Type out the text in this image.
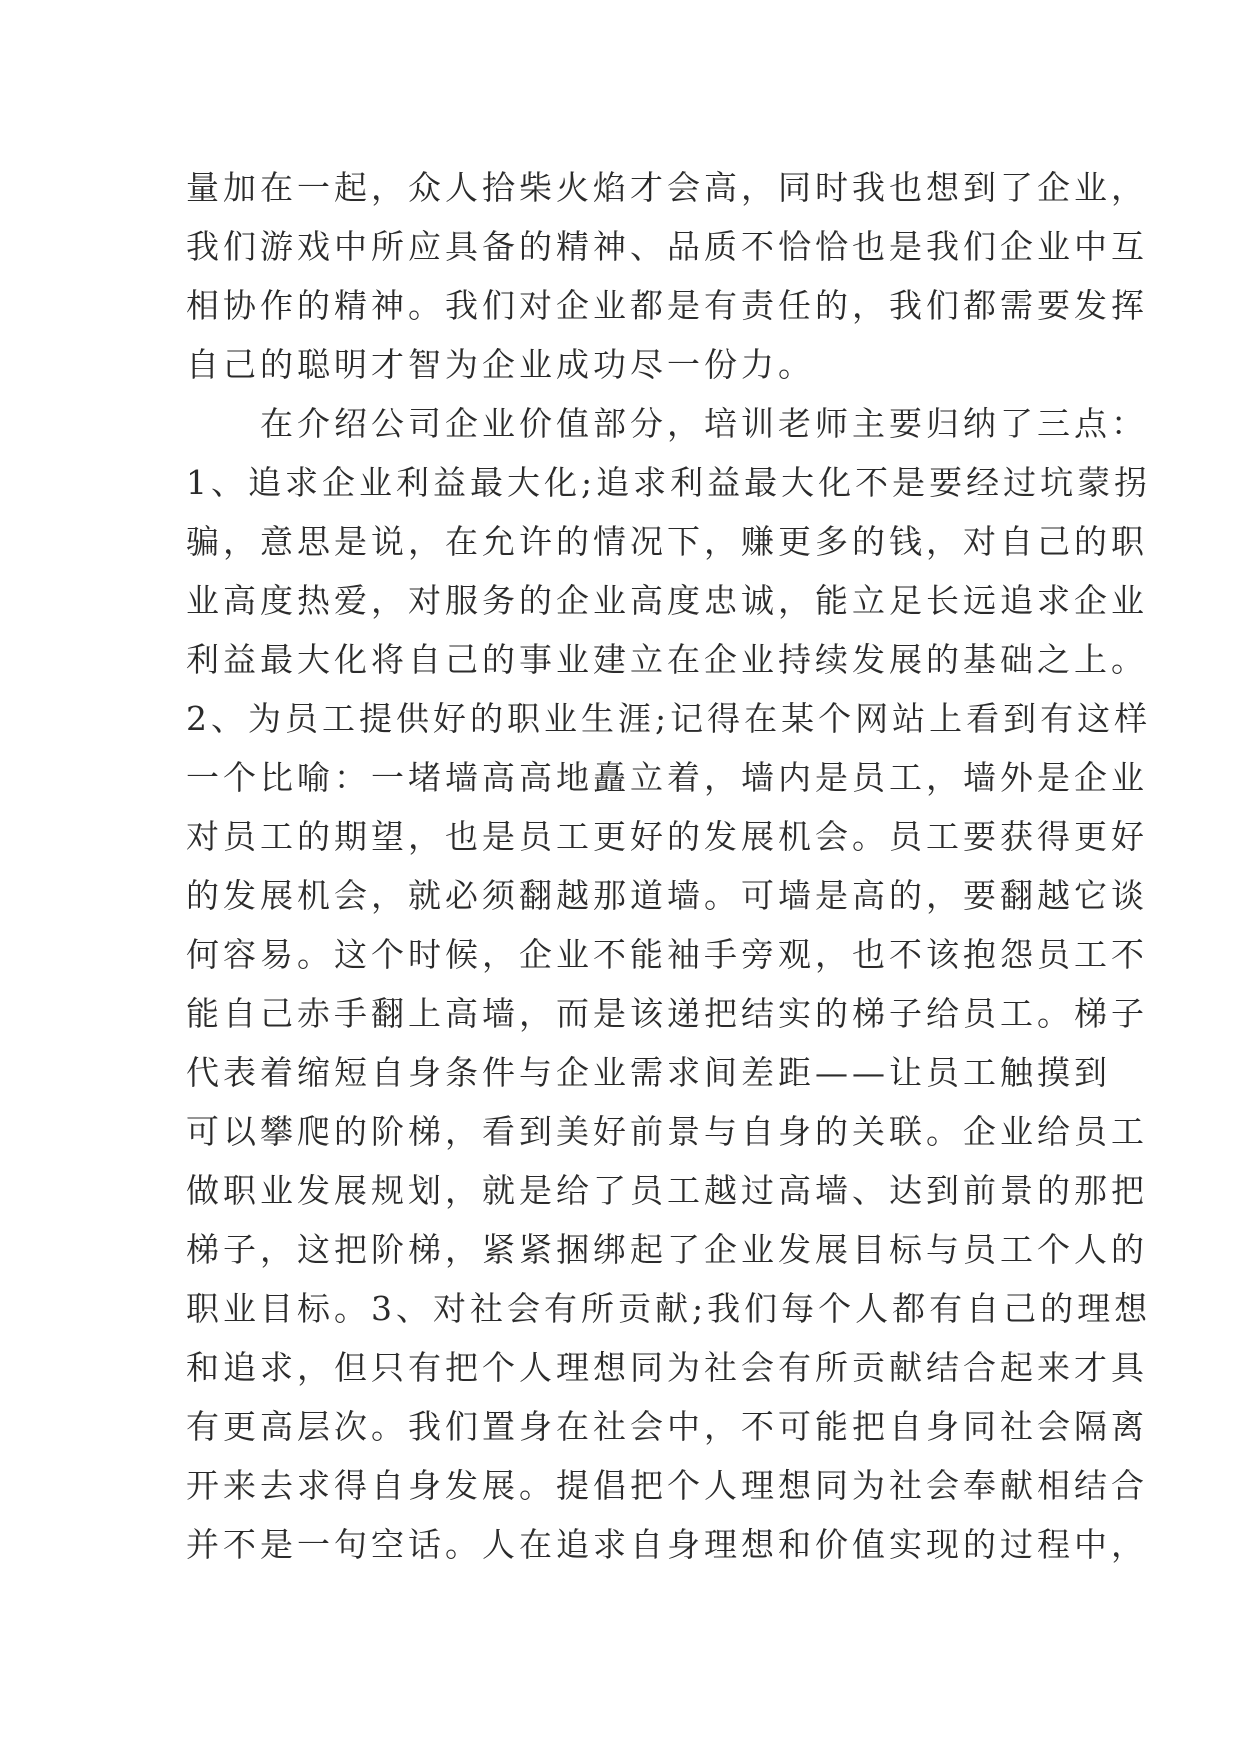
量加在一起，众人拾柴火焰才会高，同时我也想到了企业，
我们游戏中所应具备的精神、品质不恰恰也是我们企业中互
相协作的精神。我们对企业都是有责任的，我们都需要发挥
自己的聪明才智为企业成功尽一份力。
在介绍公司企业价值部分，培训老师主要归纳了三点：
1、追求企业利益最大化;追求利益最大化不是要经过坑蒙拐
骗，意思是说，在允许的情况下，赚更多的钱，对自己的职
业高度热爱，对服务的企业高度忠诚，能立足长远追求企业
利益最大化将自己的事业建立在企业持续发展的基础之上。
2、为员工提供好的职业生涯;记得在某个网站上看到有这样
一个比喻：一堵墙高高地矗立着，墙内是员工，墙外是企业
对员工的期望，也是员工更好的发展机会。员工要获得更好
的发展机会，就必须翻越那道墙。可墙是高的，要翻越它谈
何容易。这个时候，企业不能袖手旁观，也不该抱怨员工不
能自己赤手翻上高墙，而是该递把结实的梯子给员工。梯子
代表着缩短自身条件与企业需求间差距——让员工触摸到
可以攀爬的阶梯，看到美好前景与自身的关联。企业给员工
做职业发展规划，就是给了员工越过高墙、达到前景的那把
梯子，这把阶梯，紧紧捆绑起了企业发展目标与员工个人的
职业目标。3、对社会有所贡献;我们每个人都有自己的理想
和追求，但只有把个人理想同为社会有所贡献结合起来才具
有更高层次。我们置身在社会中，不可能把自身同社会隔离
开来去求得自身发展。提倡把个人理想同为社会奉献相结合
并不是一句空话。人在追求自身理想和价值实现的过程中，
